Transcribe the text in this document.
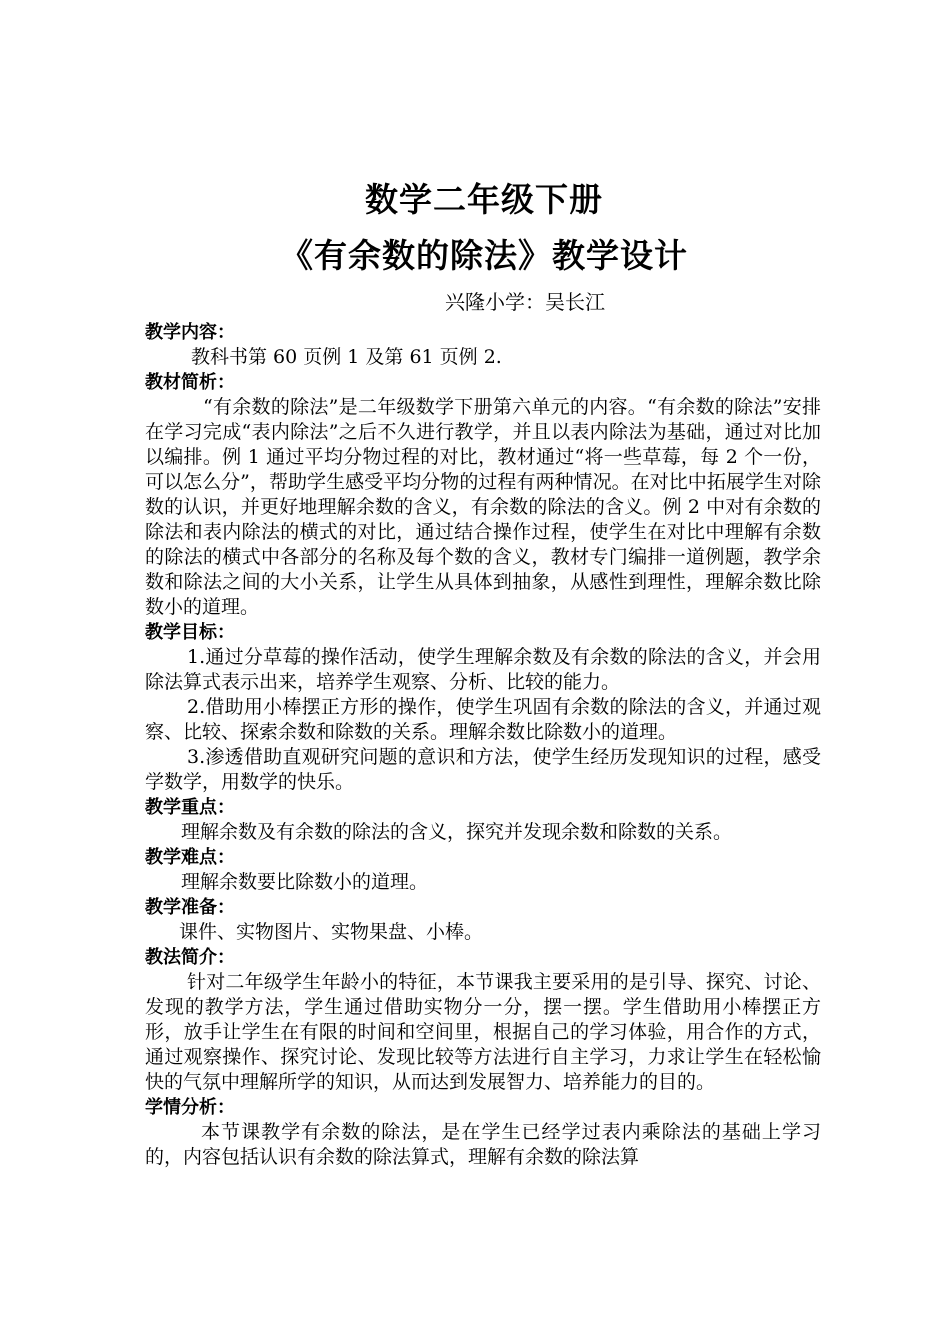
数学二年级下册
《有余数的除法》教学设计

兴隆小学：吴长江

教学内容：

教科书第 60 页例 1 及第 61 页例 2.

教材简析：

“有余数的除法”是二年级数学下册第六单元的内容。“有余数的除法”安排在学习完成“表内除法”之后不久进行教学，并且以表内除法为基础，通过对比加以编排。例 1 通过平均分物过程的对比，教材通过“将一些草莓，每 2 个一份，可以怎么分”，帮助学生感受平均分物的过程有两种情况。在对比中拓展学生对除数的认识，并更好地理解余数的含义，有余数的除法的含义。例 2 中对有余数的除法和表内除法的横式的对比，通过结合操作过程，使学生在对比中理解有余数的除法的横式中各部分的名称及每个数的含义，教材专门编排一道例题，教学余数和除法之间的大小关系，让学生从具体到抽象，从感性到理性，理解余数比除数小的道理。

教学目标：

1.通过分草莓的操作活动，使学生理解余数及有余数的除法的含义，并会用除法算式表示出来，培养学生观察、分析、比较的能力。

2.借助用小棒摆正方形的操作，使学生巩固有余数的除法的含义，并通过观察、比较、探索余数和除数的关系。理解余数比除数小的道理。

3.渗透借助直观研究问题的意识和方法，使学生经历发现知识的过程，感受学数学，用数学的快乐。

教学重点：

理解余数及有余数的除法的含义，探究并发现余数和除数的关系。

教学难点：

理解余数要比除数小的道理。

教学准备：

课件、实物图片、实物果盘、小棒。

教法简介：

针对二年级学生年龄小的特征，本节课我主要采用的是引导、探究、讨论、发现的教学方法，学生通过借助实物分一分，摆一摆。学生借助用小棒摆正方形，放手让学生在有限的时间和空间里，根据自己的学习体验，用合作的方式，通过观察操作、探究讨论、发现比较等方法进行自主学习，力求让学生在轻松愉快的气氛中理解所学的知识，从而达到发展智力、培养能力的目的。

学情分析：

本节课教学有余数的除法，是在学生已经学过表内乘除法的基础上学习的，内容包括认识有余数的除法算式，理解有余数的除法算
